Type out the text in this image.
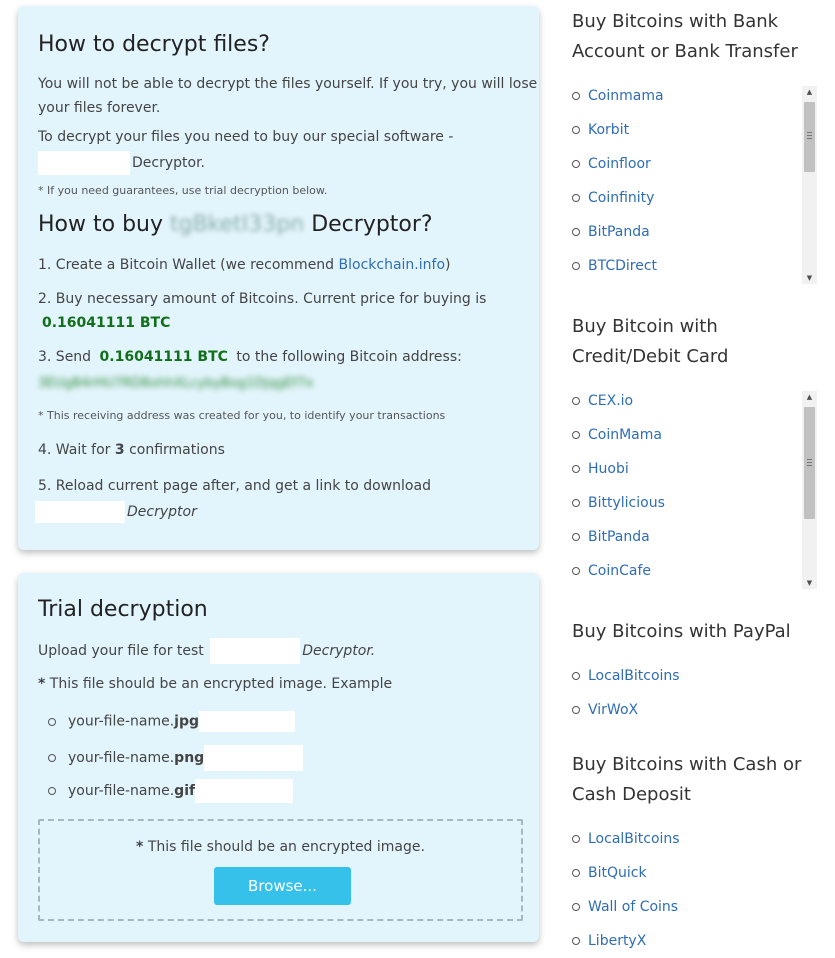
How to decrypt files?
You will not be able to decrypt the files yourself. If you try, you will lose
your files forever.
To decrypt your files you need to buy our special software -
Decryptor.
* If you need guarantees, use trial decryption below.
How to buy tgBketI33pn Decryptor?
1. Create a Bitcoin Wallet (we recommend Blockchain.info)
2. Buy necessary amount of Bitcoins. Current price for buying is
0.16041111 BTC
3. Send 0.16041111 BTC to the following Bitcoin address:
3EUgB4rHU7RD8ohhXLcybyBog1DjqgEf7x
* This receiving address was created for you, to identify your transactions
4. Wait for 3 confirmations
5. Reload current page after, and get a link to download
Decryptor
Trial decryption
Upload your file for test	Decryptor.
* This file should be an encrypted image. Example
your-file-name.jpg
your-file-name.png
your-file-name.gif
* This file should be an encrypted image.
Browse...
Buy Bitcoins with Bank Account or Bank Transfer
Coinmama
Korbit
Coinfloor
Coinfinity
BitPanda
BTCDirect
▲
▼
Buy Bitcoin with Credit/Debit Card
CEX.io
CoinMama
Huobi
Bittylicious
BitPanda
CoinCafe
▲
▼
Buy Bitcoins with PayPal
LocalBitcoins
VirWoX
Buy Bitcoins with Cash or Cash Deposit
LocalBitcoins
BitQuick
Wall of Coins
LibertyX
